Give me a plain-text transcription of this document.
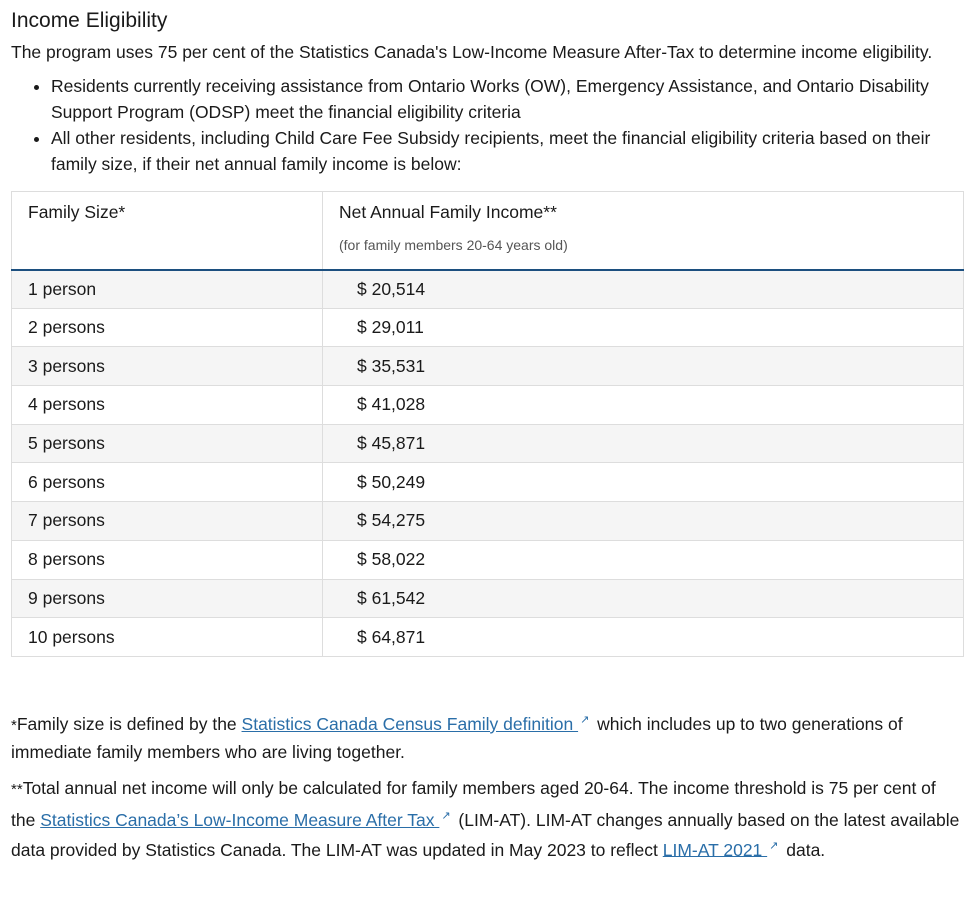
Income Eligibility

The program uses 75 per cent of the Statistics Canada's Low-Income Measure After-Tax to determine income eligibility.

• Residents currently receiving assistance from Ontario Works (OW), Emergency Assistance, and Ontario Disability Support Program (ODSP) meet the financial eligibility criteria
• All other residents, including Child Care Fee Subsidy recipients, meet the financial eligibility criteria based on their family size, if their net annual family income is below:
Family Size*	Net Annual Family Income**
(for family members 20-64 years old)

1 person	$ 20,514
2 persons	$ 29,011
3 persons	$ 35,531
4 persons	$ 41,028
5 persons	$ 45,871
6 persons	$ 50,249
7 persons	$ 54,275
8 persons	$ 58,022
9 persons	$ 61,542
10 persons	$ 64,871

*Family size is defined by the Statistics Canada Census Family definition ↗ which includes up to two generations of immediate family members who are living together.

**Total annual net income will only be calculated for family members aged 20-64. The income threshold is 75 per cent of the Statistics Canada’s Low-Income Measure After Tax ↗ (LIM-AT). LIM-AT changes annually based on the latest available data provided by Statistics Canada. The LIM-AT was updated in May 2023 to reflect LIM-AT 2021 ↗ data.
